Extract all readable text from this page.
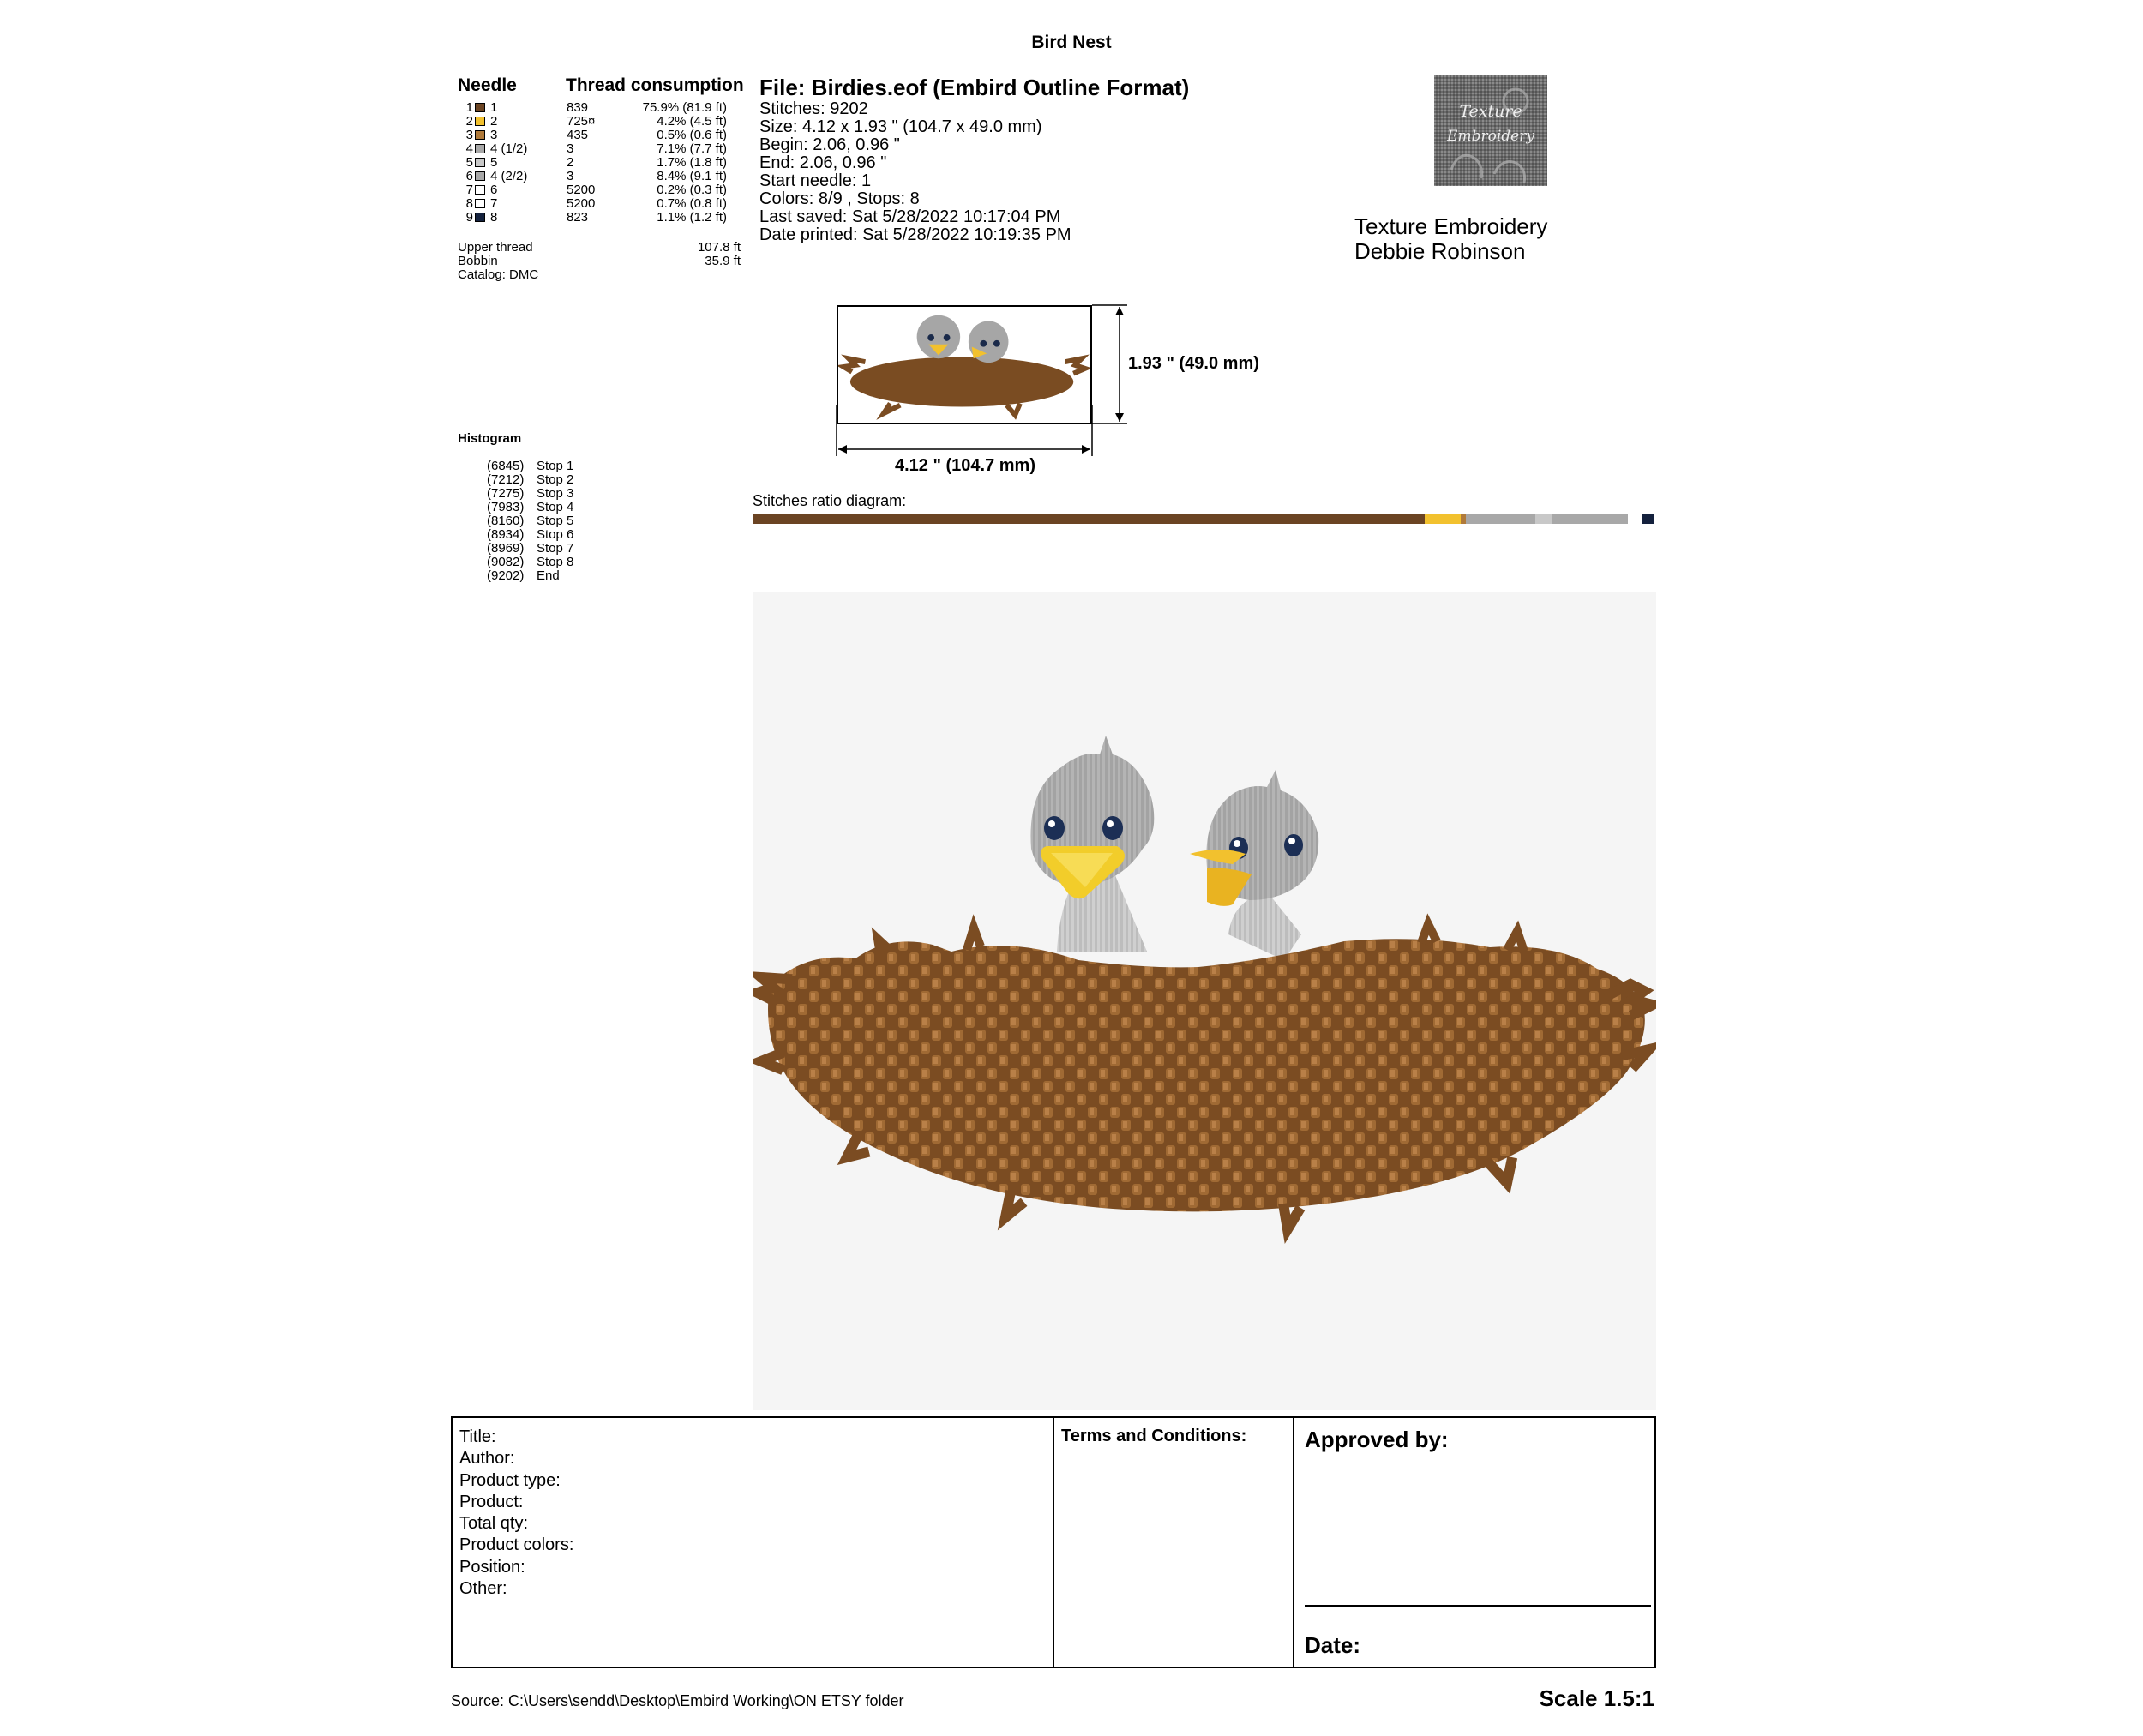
Bird Nest
Needle	Thread consumption
1 1	839	75.9% (81.9 ft)
2 2	725¤	4.2% (4.5 ft)
3 3	435	0.5% (0.6 ft)
4 4 (1/2)	3	7.1% (7.7 ft)
5 5	2	1.7% (1.8 ft)
6 4 (2/2)	3	8.4% (9.1 ft)
7 6	5200	0.2% (0.3 ft)
8 7	5200	0.7% (0.8 ft)
9 8	823	1.1% (1.2 ft)
Upper thread	107.8 ft
Bobbin	35.9 ft
Catalog: DMC
Histogram
(6845) Stop 1
(7212) Stop 2
(7275) Stop 3
(7983) Stop 4
(8160) Stop 5
(8934) Stop 6
(8969) Stop 7
(9082) Stop 8
(9202) End
File: Birdies.eof (Embird Outline Format)
Stitches: 9202
Size: 4.12 x 1.93 " (104.7 x 49.0 mm)
Begin: 2.06, 0.96 "
End: 2.06, 0.96 "
Start needle: 1
Colors: 8/9 , Stops: 8
Last saved: Sat 5/28/2022 10:17:04 PM
Date printed: Sat 5/28/2022 10:19:35 PM
Texture
Embroidery
Texture Embroidery
Debbie Robinson
1.93 " (49.0 mm)
4.12 " (104.7 mm)
Stitches ratio diagram:
Title:
Author:
Product type:
Product:
Total qty:
Product colors:
Position:
Other:
Terms and Conditions:	Approved by:
Date:
Source: C:\Users\sendd\Desktop\Embird Working\ON ETSY folder	Scale 1.5:1
